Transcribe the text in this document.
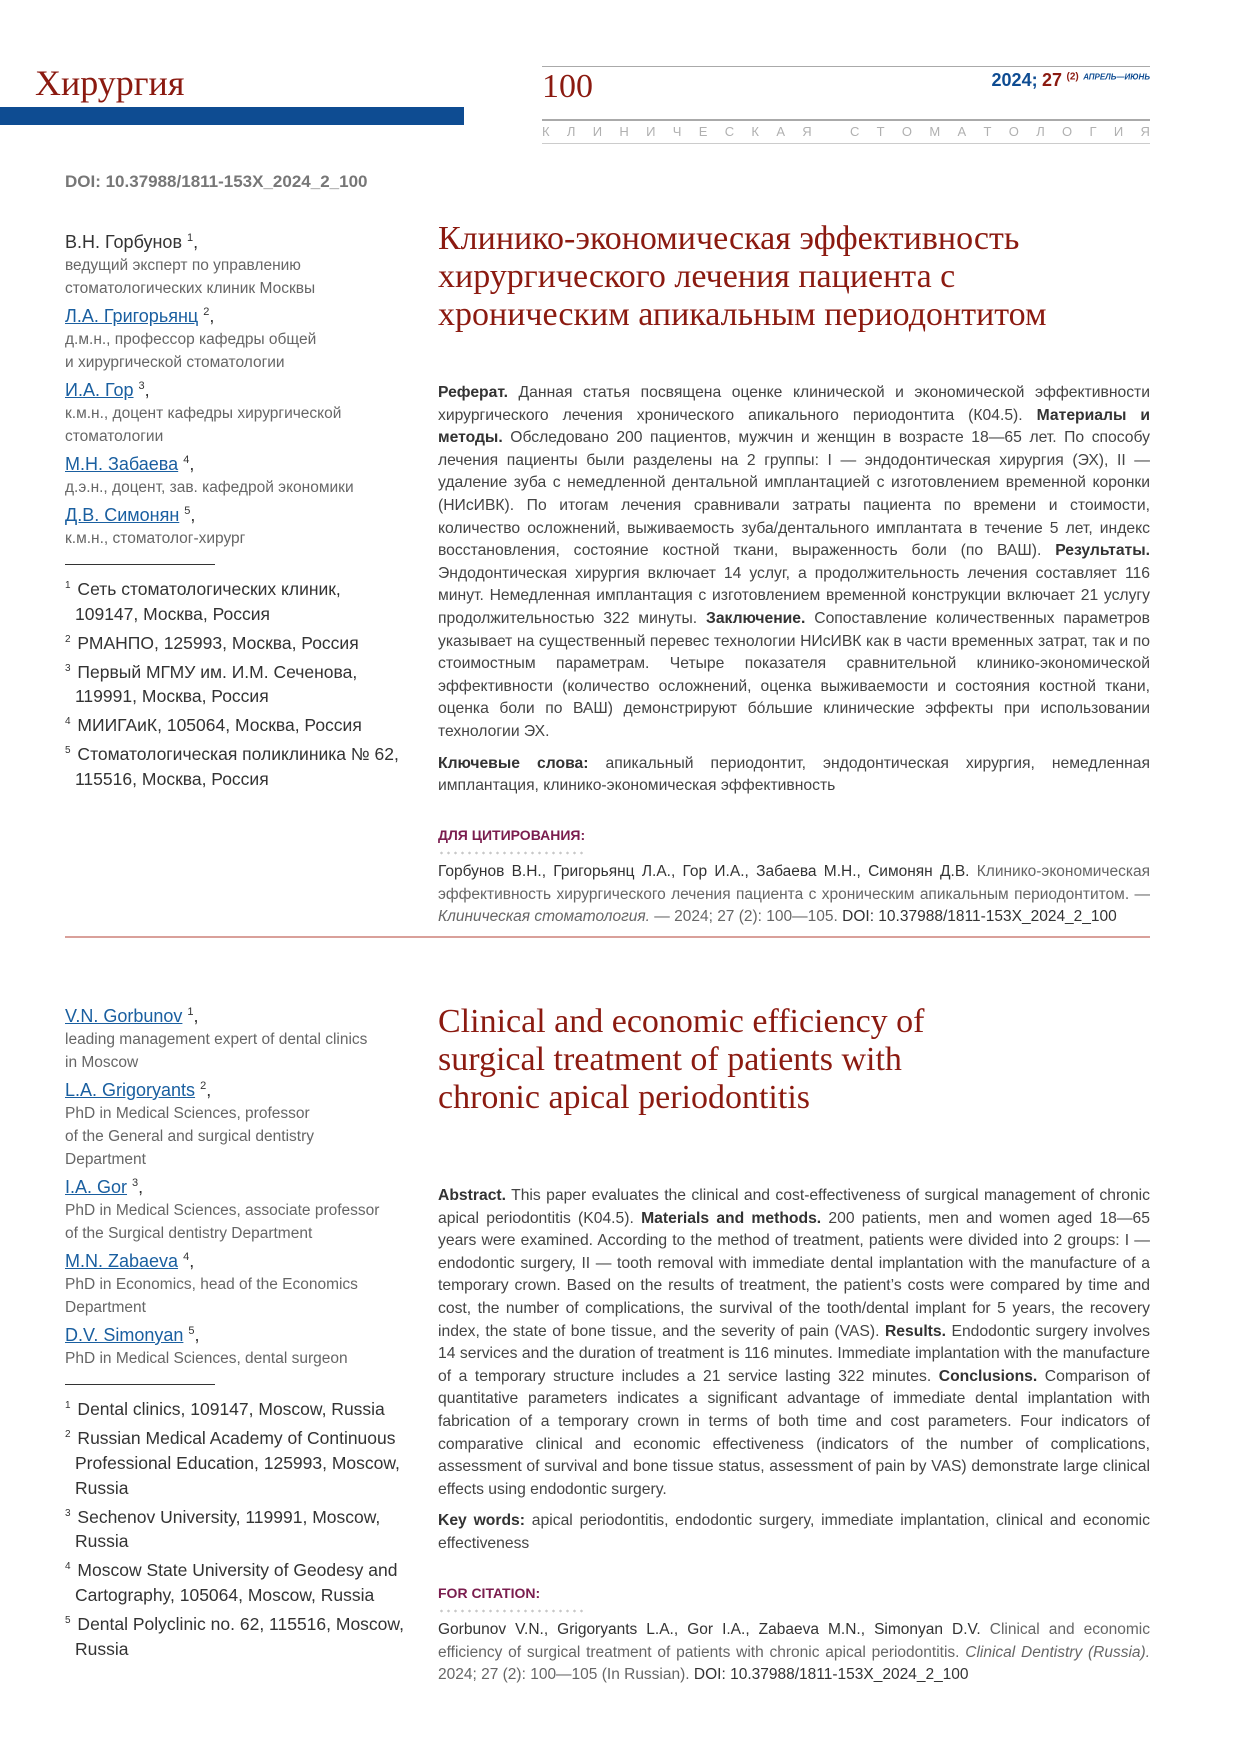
Хирургия	100	2024; 27 $^{(2)}$ $^{АПРЕЛЬ—ИЮНЬ}$
К Л И Н И Ч Е С К А Я
	С Т О М А Т О Л О Г И Я
DOI: 10.37988/1811-153X_2024_2_100
В.Н. Горбунов $^1$,
ведущий эксперт по управлению
стоматологических клиник Москвы
Л.А. Григорьянц $^2$,
д.м.н., профессор кафедры общей
и хирургической стоматологии
И.А. Гор $^3$,
к.м.н., доцент кафедры хирургической
стоматологии
М.Н. Забаева $^4$,
д.э.н., доцент, зав. кафедрой экономики
Д.В. Симонян $^5$,
к.м.н., стоматолог-хирург
$^1$ Сеть стоматологических клиник, 109147, Москва, Россия
$^2$ РМАНПО, 125993, Москва, Россия
$^3$ Первый МГМУ им. И.М. Сеченова, 119991, Москва, Россия
$^4$ МИИГАиК, 105064, Москва, Россия
$^5$ Стоматологическая поликлиника № 62, 115516, Москва, Россия
Клинико-экономическая эффективность хирургического лечения пациента с хроническим апикальным периодонтитом

Реферат. Данная статья посвящена оценке клинической и экономической эффективности хирургического лечения хронического апикального периодонтита (К04.5). Материалы и методы. Обследовано 200 пациентов, мужчин и женщин в возрасте 18—65 лет. По способу лечения пациенты были разделены на 2 группы: I — эндодонтическая хирургия (ЭХ), II — удаление зуба с немедленной дентальной имплантацией с изготовлением временной коронки (НИсИВК). По итогам лечения сравнивали затраты пациента по времени и стоимости, количество осложнений, выживаемость зуба/дентального имплантата в течение 5 лет, индекс восстановления, состояние костной ткани, выраженность боли (по ВАШ). Результаты. Эндодонтическая хирургия включает 14 услуг, а продолжительность лечения составляет 116 минут. Немедленная имплантация с изготовлением временной конструкции включает 21 услугу продолжительностью 322 минуты. Заключение. Сопоставление количественных параметров указывает на существенный перевес технологии НИсИВК как в части временных затрат, так и по стоимостным параметрам. Четыре показателя сравнительной клинико-экономической эффективности (количество осложнений, оценка выживаемости и состояния костной ткани, оценка боли по ВАШ) демонстрируют бóльшие клинические эффекты при использовании технологии ЭХ.

Ключевые слова: апикальный периодонтит, эндодонтическая хирургия, немедленная имплантация, клинико-экономическая эффективность

ДЛЯ ЦИТИРОВАНИЯ:

Горбунов В.Н., Григорьянц Л.А., Гор И.А., Забаева М.Н., Симонян Д.В. Клинико-экономическая эффективность хирургического лечения пациента с хроническим апикальным периодонтитом. — Клиническая стоматология. — 2024; 27 (2): 100—105. DOI: 10.37988/1811-153X_2024_2_100

V.N. Gorbunov $^1$,
leading management expert of dental clinics
in Moscow
L.A. Grigoryants $^2$,
PhD in Medical Sciences, professor
of the General and surgical dentistry
Department
I.A. Gor $^3$,
PhD in Medical Sciences, associate professor
of the Surgical dentistry Department
M.N. Zabaeva $^4$,
PhD in Economics, head of the Economics
Department
D.V. Simonyan $^5$,
PhD in Medical Sciences, dental surgeon
$^1$ Dental clinics, 109147, Moscow, Russia
$^2$ Russian Medical Academy of Continuous Professional Education, 125993, Moscow, Russia
$^3$ Sechenov University, 119991, Moscow, Russia
$^4$ Moscow State University of Geodesy and Cartography, 105064, Moscow, Russia
$^5$ Dental Polyclinic no. 62, 115516, Moscow, Russia
Clinical and economic efficiency of surgical treatment of patients with chronic apical periodontitis

Abstract. This paper evaluates the clinical and cost-effectiveness of surgical management of chronic apical periodontitis (K04.5). Materials and methods. 200 patients, men and women aged 18—65 years were examined. According to the method of treatment, patients were divided into 2 groups: I — endodontic surgery, II — tooth removal with immediate dental implantation with the manufacture of a temporary crown. Based on the results of treatment, the patient’s costs were compared by time and cost, the number of complications, the survival of the tooth/dental implant for 5 years, the recovery index, the state of bone tissue, and the severity of pain (VAS). Results. Endodontic surgery involves 14 services and the duration of treatment is 116 minutes. Immediate implantation with the manufacture of a temporary structure includes a 21 service lasting 322 minutes. Conclusions. Comparison of quantitative parameters indicates a significant advantage of immediate dental implantation with fabrication of a temporary crown in terms of both time and cost parameters. Four indicators of comparative clinical and economic effectiveness (indicators of the number of complications, assessment of survival and bone tissue status, assessment of pain by VAS) demonstrate large clinical effects using endodontic surgery.

Key words: apical periodontitis, endodontic surgery, immediate implantation, clinical and economic effectiveness

FOR CITATION:

Gorbunov V.N., Grigoryants L.A., Gor I.A., Zabaeva M.N., Simonyan D.V. Clinical and economic efficiency of surgical treatment of patients with chronic apical periodontitis. Clinical Dentistry (Russia). 2024; 27 (2): 100—105 (In Russian). DOI: 10.37988/1811-153X_2024_2_100
